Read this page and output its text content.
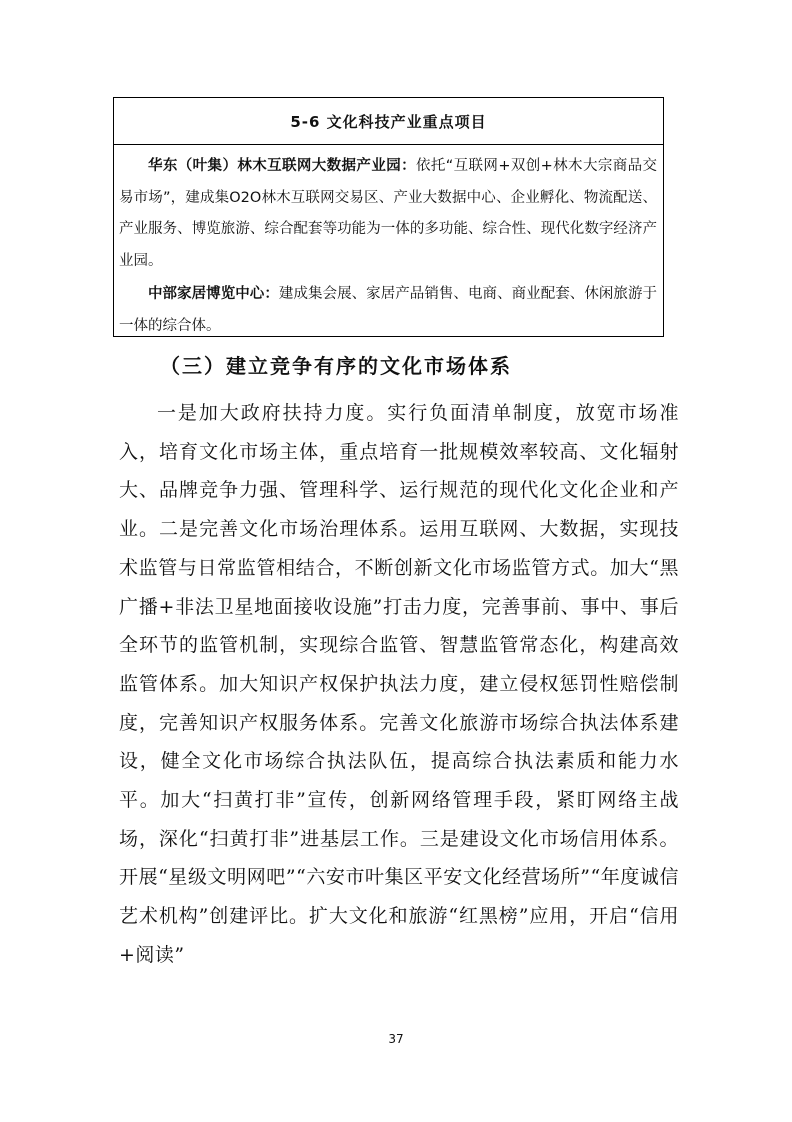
5-6 文化科技产业重点项目

华东（叶集）林木互联网大数据产业园：依托“互联网+双创+林木大宗商品交易市场”，建成集O2O林木互联网交易区、产业大数据中心、企业孵化、物流配送、产业服务、博览旅游、综合配套等功能为一体的多功能、综合性、现代化数字经济产业园。

中部家居博览中心：建成集会展、家居产品销售、电商、商业配套、休闲旅游于一体的综合体。

（三）建立竞争有序的文化市场体系

一是加大政府扶持力度。实行负面清单制度，放宽市场准入，培育文化市场主体，重点培育一批规模效率较高、文化辐射大、品牌竞争力强、管理科学、运行规范的现代化文化企业和产业。二是完善文化市场治理体系。运用互联网、大数据，实现技术监管与日常监管相结合，不断创新文化市场监管方式。加大“黑广播+非法卫星地面接收设施”打击力度，完善事前、事中、事后全环节的监管机制，实现综合监管、智慧监管常态化，构建高效监管体系。加大知识产权保护执法力度，建立侵权惩罚性赔偿制度，完善知识产权服务体系。完善文化旅游市场综合执法体系建设，健全文化市场综合执法队伍，提高综合执法素质和能力水平。加大“扫黄打非”宣传，创新网络管理手段，紧盯网络主战场，深化“扫黄打非”进基层工作。三是建设文化市场信用体系。开展“星级文明网吧”“六安市叶集区平安文化经营场所”“年度诚信艺术机构”创建评比。扩大文化和旅游“红黑榜”应用，开启“信用+阅读”

37
